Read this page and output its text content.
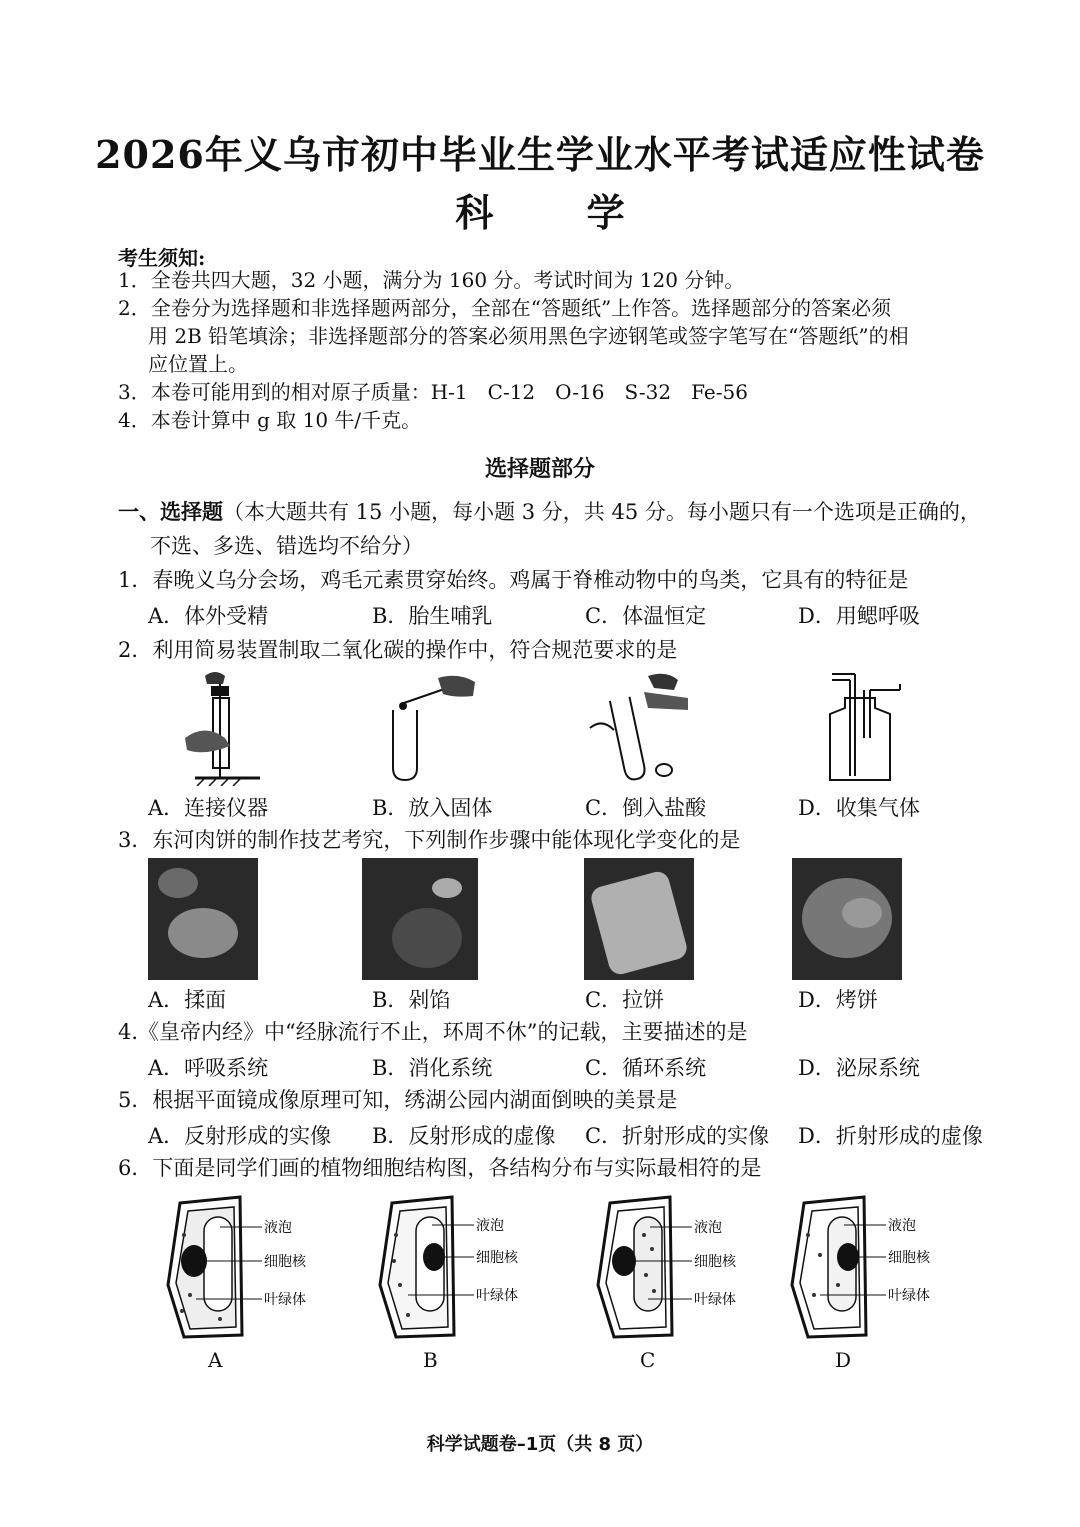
2026年义乌市初中毕业生学业水平考试适应性试卷
科 学
考生须知:
1．全卷共四大题，32 小题，满分为 160 分。考试时间为 120 分钟。
2．全卷分为选择题和非选择题两部分，全部在“答题纸”上作答。选择题部分的答案必须
用 2B 铅笔填涂；非选择题部分的答案必须用黑色字迹钢笔或签字笔写在“答题纸”的相
应位置上。
3．本卷可能用到的相对原子质量：H-1　C-12　O-16　S-32　Fe-56
4．本卷计算中 g 取 10 牛/千克。
选择题部分
一、选择题（本大题共有 15 小题，每小题 3 分，共 45 分。每小题只有一个选项是正确的，
不选、多选、错选均不给分）
1．春晚义乌分会场，鸡毛元素贯穿始终。鸡属于脊椎动物中的鸟类，它具有的特征是
A．体外受精	B．胎生哺乳	C．体温恒定	D．用鳃呼吸
2．利用简易装置制取二氧化碳的操作中，符合规范要求的是
A．连接仪器	B．放入固体	C．倒入盐酸	D．收集气体
3．东河肉饼的制作技艺考究，下列制作步骤中能体现化学变化的是
A．揉面	B．剁馅	C．拉饼	D．烤饼
4.《皇帝内经》中“经脉流行不止，环周不休”的记载，主要描述的是
A．呼吸系统	B．消化系统	C．循环系统	D．泌尿系统
5．根据平面镜成像原理可知，绣湖公园内湖面倒映的美景是
A．反射形成的实像 B．反射形成的虚像 C．折射形成的实像 D．折射形成的虚像
6．下面是同学们画的植物细胞结构图，各结构分布与实际最相符的是
液泡
细胞核
叶绿体
液泡
细胞核
叶绿体
液泡
细胞核
叶绿体
液泡
细胞核
叶绿体
A	B	C	D
科学试题卷–1页（共 8 页）
